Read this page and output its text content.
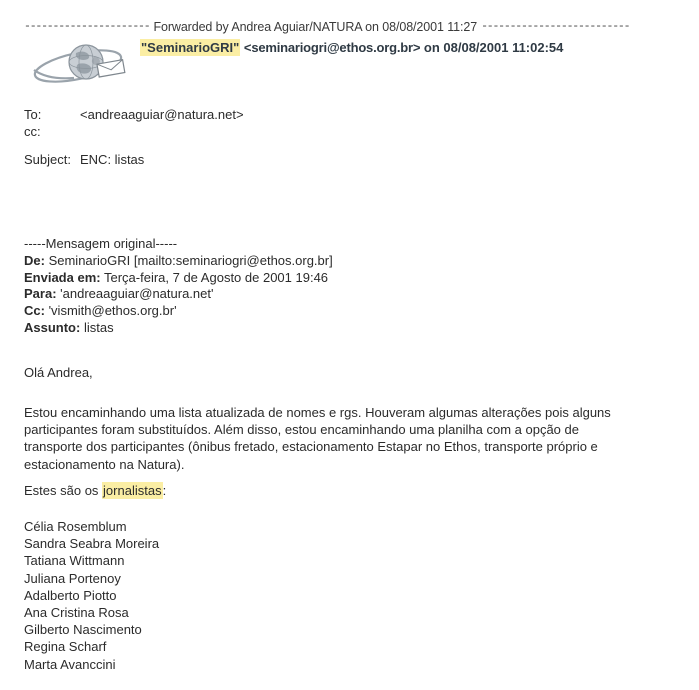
---------------------- Forwarded by Andrea Aguiar/NATURA on 08/08/2001 11:27 --------------------------
"SeminarioGRI" <seminariogri@ethos.org.br> on 08/08/2001 11:02:54
To:	<andreaaguiar@natura.net>
cc:
Subject: ENC: listas
-----Mensagem original-----
De: SeminarioGRI [mailto:seminariogri@ethos.org.br]
Enviada em: Terça-feira, 7 de Agosto de 2001 19:46
Para: 'andreaaguiar@natura.net'
Cc: 'vismith@ethos.org.br'
Assunto: listas
Olá Andrea,
Estou encaminhando uma lista atualizada de nomes e rgs. Houveram algumas alterações pois alguns participantes foram substituídos. Além disso, estou encaminhando uma planilha com a opção de transporte dos participantes (ônibus fretado, estacionamento Estapar no Ethos, transporte próprio e estacionamento na Natura).
Estes são os jornalistas:
Célia Rosemblum
Sandra Seabra Moreira
Tatiana Wittmann
Juliana Portenoy
Adalberto Piotto
Ana Cristina Rosa
Gilberto Nascimento
Regina Scharf
Marta Avanccini
